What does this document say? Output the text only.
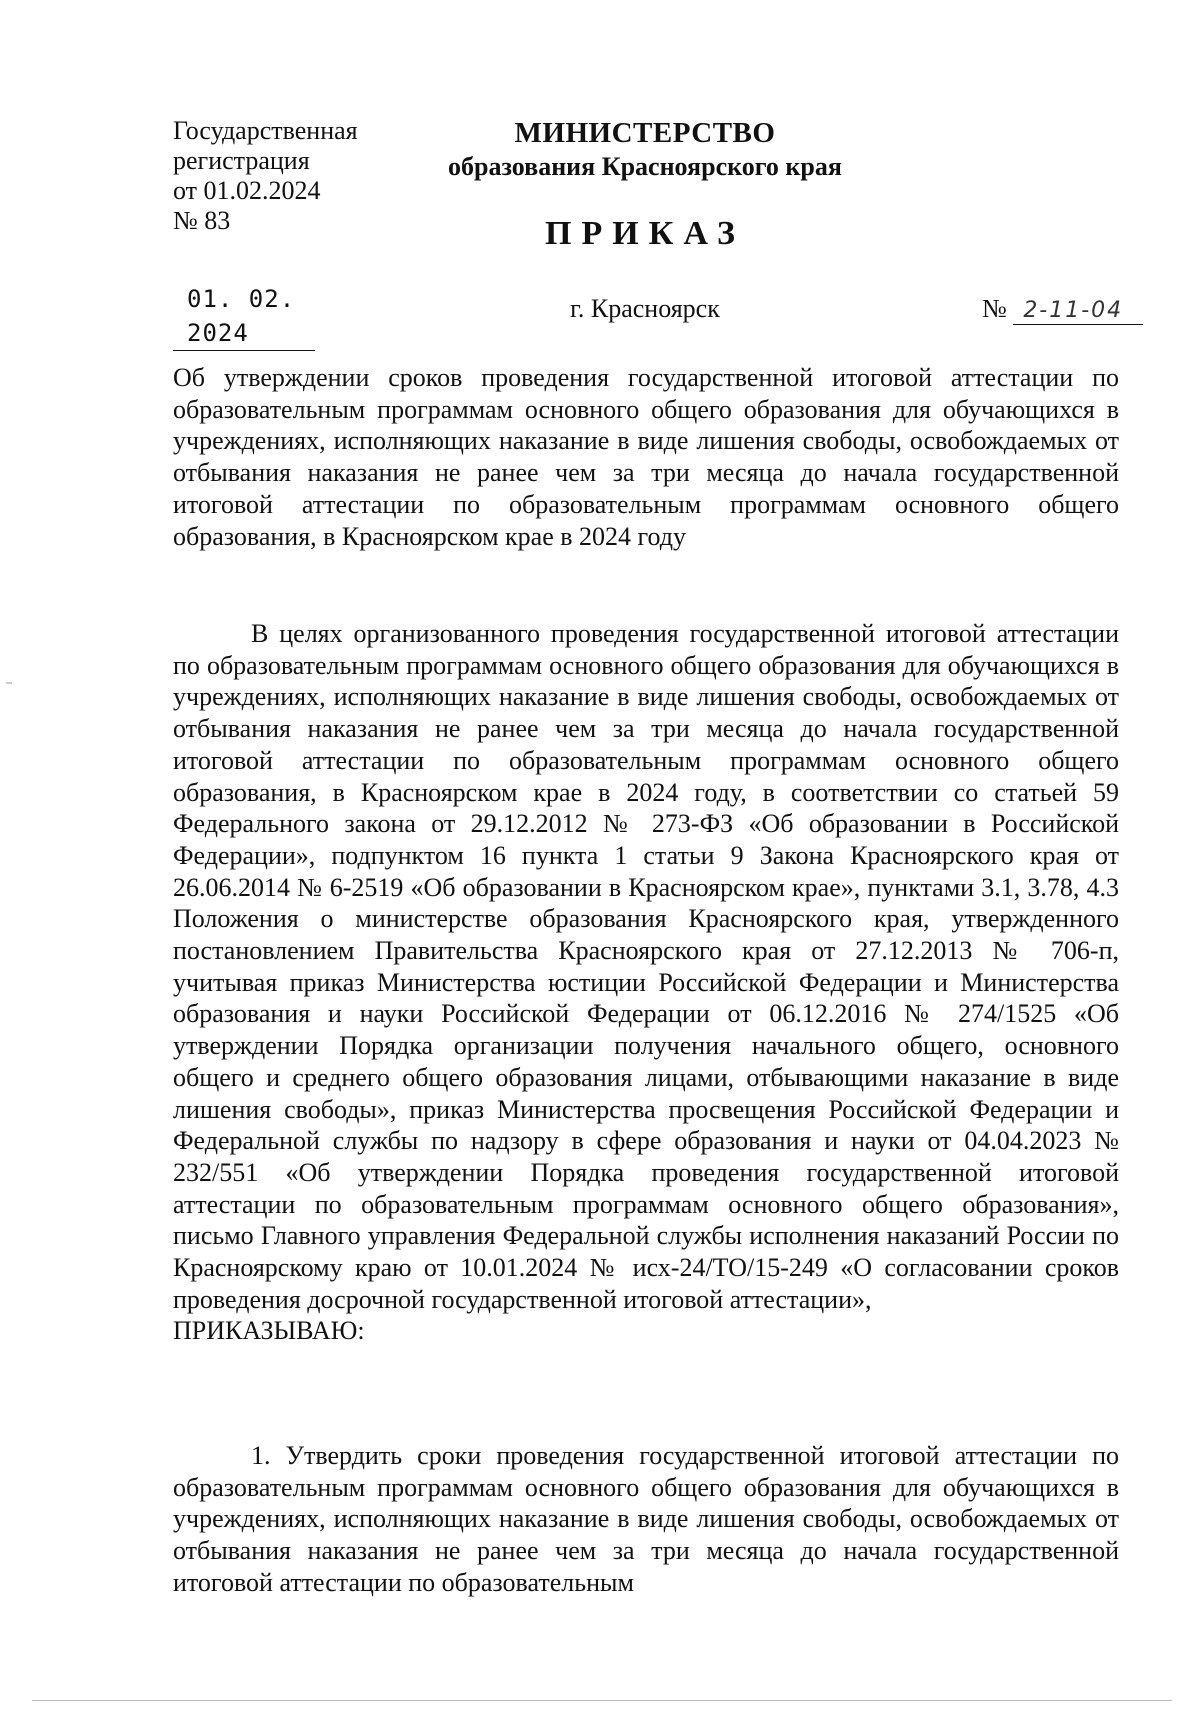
Государственная
регистрация
от 01.02.2024
№ 83
МИНИСТЕРСТВО
образования Красноярского края
ПРИКАЗ
01. 02. 2024
г. Красноярск	№ 2-11-04
Об утверждении сроков проведения государственной итоговой аттестации по образовательным программам основного общего образования для обучающихся в учреждениях, исполняющих наказание в виде лишения свободы, освобождаемых от отбывания наказания не ранее чем за три месяца до начала государственной итоговой аттестации по образовательным программам основного общего образования, в Красноярском крае в 2024 году
В целях организованного проведения государственной итоговой аттестации по образовательным программам основного общего образования для обучающихся в учреждениях, исполняющих наказание в виде лишения свободы, освобождаемых от отбывания наказания не ранее чем за три месяца до начала государственной итоговой аттестации по образовательным программам основного общего образования, в Красноярском крае в 2024 году, в соответствии со статьей 59 Федерального закона от 29.12.2012 № 273-ФЗ «Об образовании в Российской Федерации», подпунктом 16 пункта 1 статьи 9 Закона Красноярского края от 26.06.2014 № 6-2519 «Об образовании в Красноярском крае», пунктами 3.1, 3.78, 4.3 Положения о министерстве образования Красноярского края, утвержденного постановлением Правительства Красноярского края от 27.12.2013 № 706-п, учитывая приказ Министерства юстиции Российской Федерации и Министерства образования и науки Российской Федерации от 06.12.2016 № 274/1525 «Об утверждении Порядка организации получения начального общего, основного общего и среднего общего образования лицами, отбывающими наказание в виде лишения свободы», приказ Министерства просвещения Российской Федерации и Федеральной службы по надзору в сфере образования и науки от 04.04.2023 № 232/551 «Об утверждении Порядка проведения государственной итоговой аттестации по образовательным программам основного общего образования», письмо Главного управления Федеральной службы исполнения наказаний России по Красноярскому краю от 10.01.2024 № исх-24/ТО/15-249 «О согласовании сроков проведения досрочной государственной итоговой аттестации»,
ПРИКАЗЫВАЮ:
1. Утвердить сроки проведения государственной итоговой аттестации по образовательным программам основного общего образования для обучающихся в учреждениях, исполняющих наказание в виде лишения свободы, освобождаемых от отбывания наказания не ранее чем за три месяца до начала государственной итоговой аттестации по образовательным
